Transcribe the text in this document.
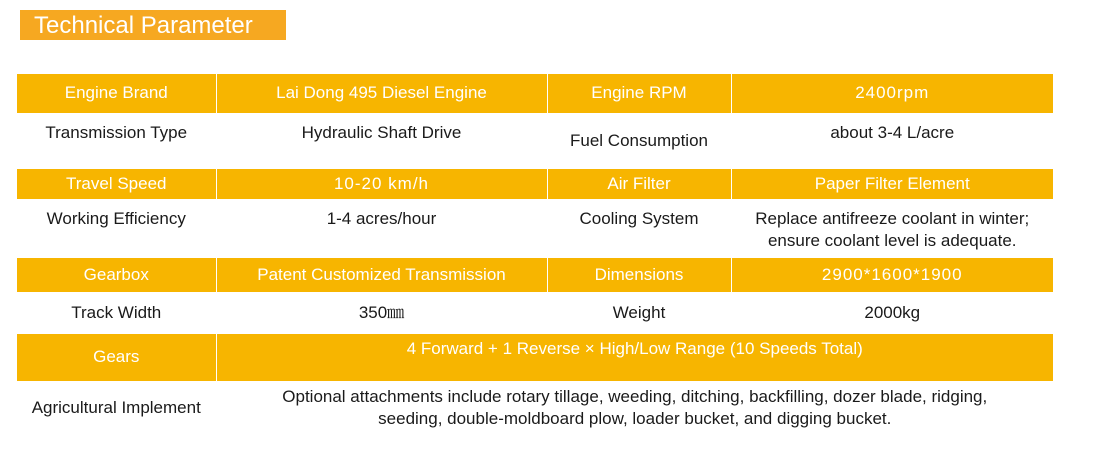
Technical Parameter
Engine Brand	Lai Dong 495 Diesel Engine	Engine RPM	2400rpm
Transmission Type	Hydraulic Shaft Drive	Fuel Consumption	about 3-4 L/acre
Travel Speed	10-20 km/h	Air Filter	Paper Filter Element
Working Efficiency	1-4 acres/hour	Cooling System	Replace antifreeze coolant in winter;
ensure coolant level is adequate.
Gearbox	Patent Customized Transmission	Dimensions	2900*1600*1900
Track Width	350㎜	Weight	2000kg
Gears	4 Forward + 1 Reverse × High/Low Range (10 Speeds Total)		
Agricultural Implement	Optional attachments include rotary tillage, weeding, ditching, backfilling, dozer blade, ridging,
seeding, double-moldboard plow, loader bucket, and digging bucket.		
